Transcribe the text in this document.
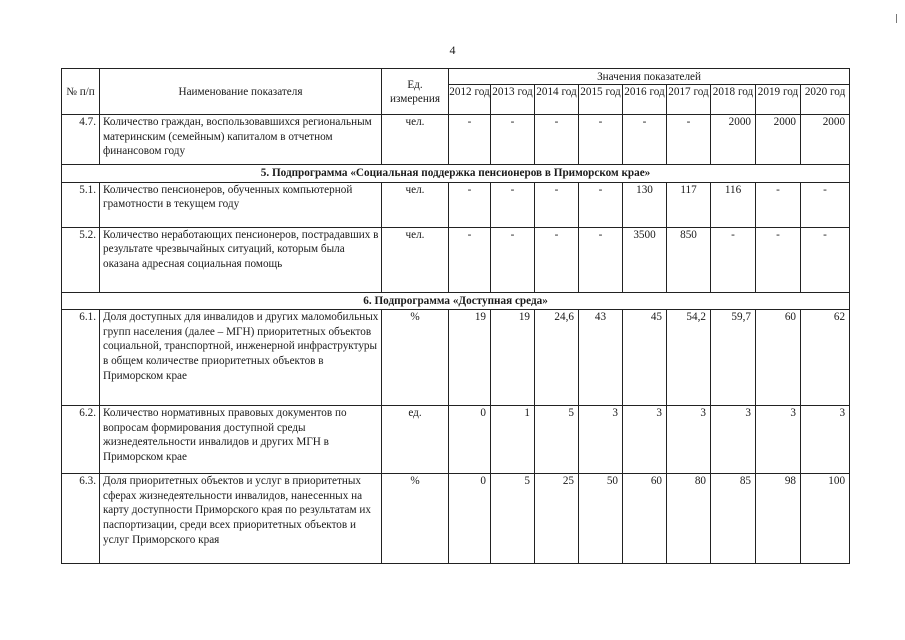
4
№ п/п	Наименование показателя	Ед. измерения	Значения показателей								
			2012 год	2013 год	2014 год	2015 год	2016 год	2017 год	2018 год	2019 год	2020 год
4.7.	Количество граждан, воспользовавшихся региональным материнским (семейным) капиталом в отчетном финансовом году	чел.	-	-	-	-	-	-	2000	2000	2000
5. Подпрограмма «Социальная поддержка пенсионеров в Приморском крае»											
5.1.	Количество пенсионеров, обученных компьютерной грамотности в текущем году	чел.	-	-	-	-	130	117	116	-	-
5.2.	Количество неработающих пенсионеров, пострадавших в результате чрезвычайных ситуаций, которым была оказана адресная социальная помощь	чел.	-	-	-	-	3500	850	-	-	-
6. Подпрограмма «Доступная среда»											
6.1.	Доля доступных для инвалидов и других маломобильных групп населения (далее – МГН) приоритетных объектов социальной, транспортной, инженерной инфраструктуры в общем количестве приоритетных объектов в Приморском крае	%	19	19	24,6	43	45	54,2	59,7	60	62
6.2.	Количество нормативных правовых документов по вопросам формирования доступной среды жизнедеятельности инвалидов и других МГН в Приморском крае	ед.	0	1	5	3	3	3	3	3	3
6.3.	Доля приоритетных объектов и услуг в приоритетных сферах жизнедеятельности инвалидов, нанесенных на карту доступности Приморского края по результатам их паспортизации, среди всех приоритетных объектов и услуг Приморского края	%	0	5	25	50	60	80	85	98	100
